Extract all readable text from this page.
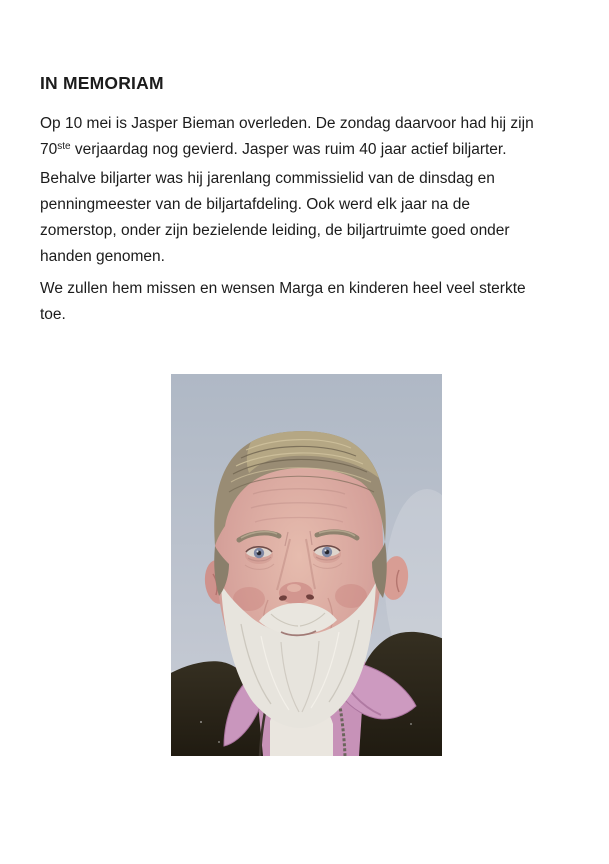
IN MEMORIAM
Op 10 mei is Jasper Bieman overleden. De zondag daarvoor had hij zijn
70ste verjaardag nog gevierd. Jasper was ruim 40 jaar actief biljarter.
Behalve biljarter was hij jarenlang commissielid van de dinsdag en
penningmeester van de biljartafdeling. Ook werd elk jaar na de
zomerstop, onder zijn bezielende leiding, de biljartruimte goed onder
handen genomen.
We zullen hem missen en wensen Marga en kinderen heel veel sterkte
toe.
